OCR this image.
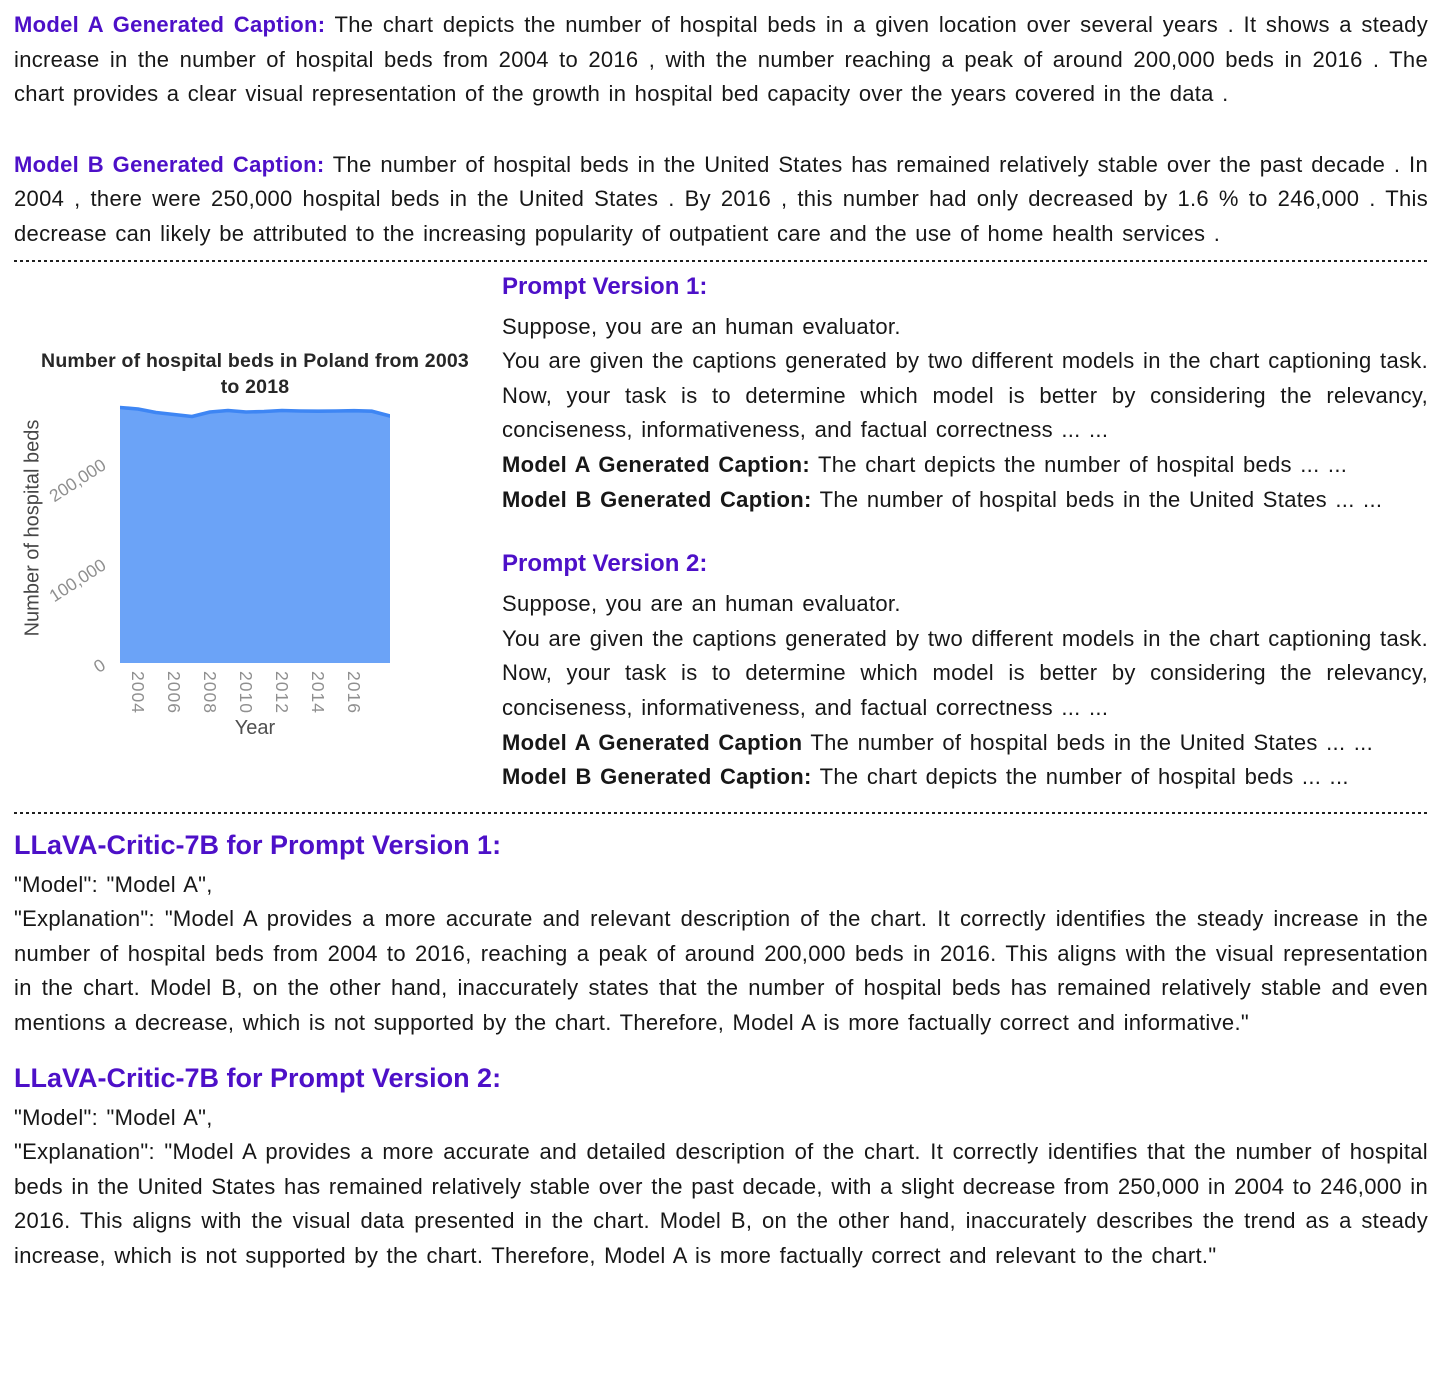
Model A Generated Caption: The chart depicts the number of hospital beds in a given location over several years . It shows a steady increase in the number of hospital beds from 2004 to 2016 , with the number reaching a peak of around 200,000 beds in 2016 . The chart provides a clear visual representation of the growth in hospital bed capacity over the years covered in the data .

Model B Generated Caption: The number of hospital beds in the United States has remained relatively stable over the past decade . In 2004 , there were 250,000 hospital beds in the United States . By 2016 , this number had only decreased by 1.6 % to 246,000 . This decrease can likely be attributed to the increasing popularity of outpatient care and the use of home health services .

Number of hospital beds in Poland from 2003
to 2018
Number of hospital beds
0
100,000
200,000
2004 2006 2008 2010 2012 2014 2016
Year
Prompt Version 1:

Suppose, you are an human evaluator.

You are given the captions generated by two different models in the chart captioning task. Now, your task is to determine which model is better by considering the relevancy, conciseness, informativeness, and factual correctness ... ...

Model A Generated Caption: The chart depicts the number of hospital beds ... ...

Model B Generated Caption: The number of hospital beds in the United States ... ...

Prompt Version 2:

Suppose, you are an human evaluator.

You are given the captions generated by two different models in the chart captioning task. Now, your task is to determine which model is better by considering the relevancy, conciseness, informativeness, and factual correctness ... ...

Model A Generated Caption The number of hospital beds in the United States ... ...

Model B Generated Caption: The chart depicts the number of hospital beds ... ...

LLaVA-Critic-7B for Prompt Version 1:

"Model": "Model A",

"Explanation": "Model A provides a more accurate and relevant description of the chart. It correctly identifies the steady increase in the number of hospital beds from 2004 to 2016, reaching a peak of around 200,000 beds in 2016. This aligns with the visual representation in the chart. Model B, on the other hand, inaccurately states that the number of hospital beds has remained relatively stable and even mentions a decrease, which is not supported by the chart. Therefore, Model A is more factually correct and informative."

LLaVA-Critic-7B for Prompt Version 2:

"Model": "Model A",

"Explanation": "Model A provides a more accurate and detailed description of the chart. It correctly identifies that the number of hospital beds in the United States has remained relatively stable over the past decade, with a slight decrease from 250,000 in 2004 to 246,000 in 2016. This aligns with the visual data presented in the chart. Model B, on the other hand, inaccurately describes the trend as a steady increase, which is not supported by the chart. Therefore, Model A is more factually correct and relevant to the chart."
